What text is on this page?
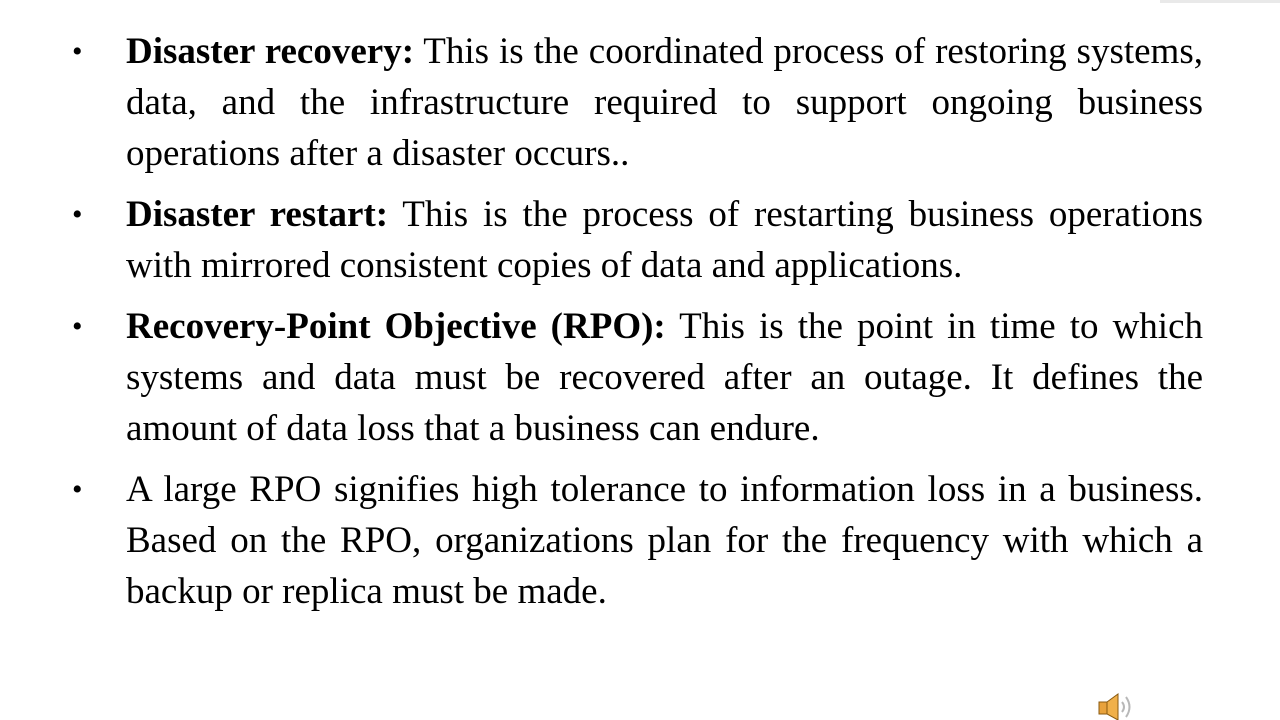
•	Disaster recovery: This is the coordinated process of restoring systems, data, and the infrastructure required to support ongoing business operations after a disaster occurs..
•	Disaster restart: This is the process of restarting business operations with mirrored consistent copies of data and applications.
•	Recovery-Point Objective (RPO): This is the point in time to which systems and data must be recovered after an outage. It defines the amount of data loss that a business can endure.
•	A large RPO signifies high tolerance to information loss in a business. Based on the RPO, organizations plan for the frequency with which a backup or replica must be made.
